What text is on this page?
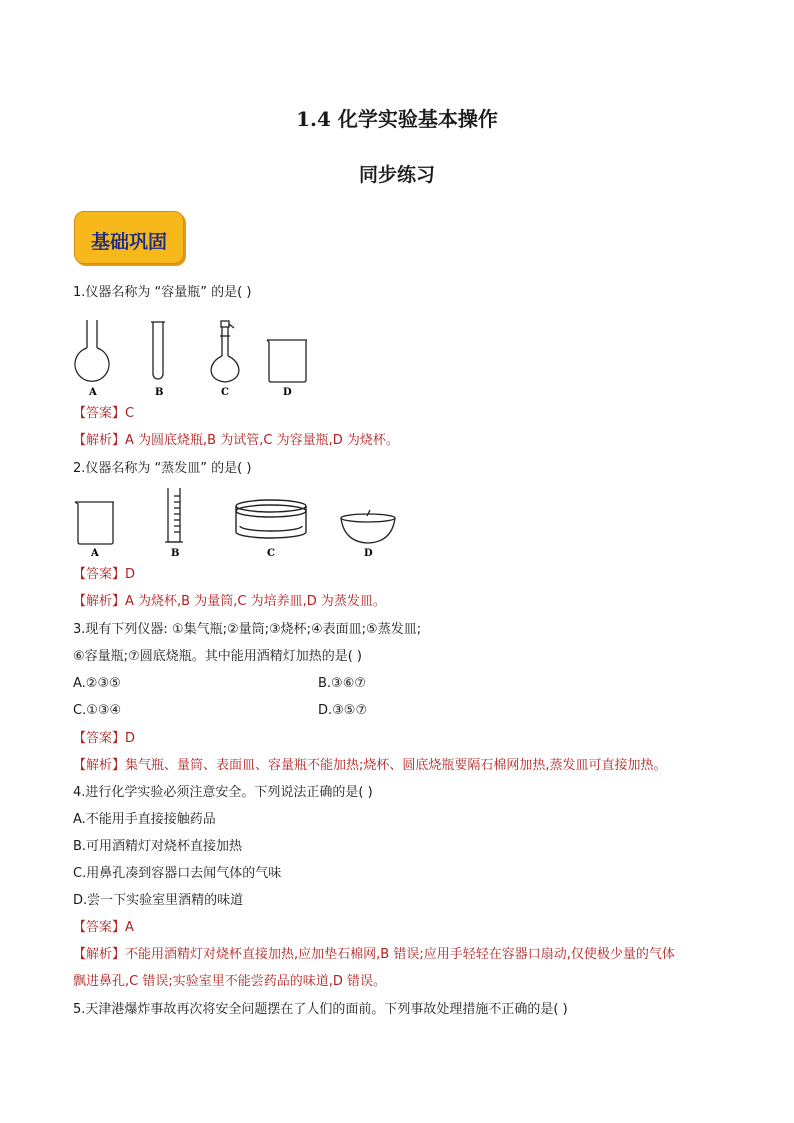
1.4 化学实验基本操作
同步练习
基础巩固
1.仪器名称为 “容量瓶” 的是( )
A	B	C	D
【答案】C
【解析】A 为圆底烧瓶,B 为试管,C 为容量瓶,D 为烧杯。
2.仪器名称为 “蒸发皿” 的是( )
A	B	C	D
【答案】D
【解析】A 为烧杯,B 为量筒,C 为培养皿,D 为蒸发皿。
3.现有下列仪器: ①集气瓶;②量筒;③烧杯;④表面皿;⑤蒸发皿;
⑥容量瓶;⑦圆底烧瓶。其中能用酒精灯加热的是( )
A.②③⑤	B.③⑥⑦
C.①③④	D.③⑤⑦
【答案】D
【解析】集气瓶、量筒、表面皿、容量瓶不能加热;烧杯、圆底烧瓶要隔石棉网加热,蒸发皿可直接加热。
4.进行化学实验必须注意安全。下列说法正确的是( )
A.不能用手直接接触药品
B.可用酒精灯对烧杯直接加热
C.用鼻孔凑到容器口去闻气体的气味
D.尝一下实验室里酒精的味道
【答案】A
【解析】不能用酒精灯对烧杯直接加热,应加垫石棉网,B 错误;应用手轻轻在容器口扇动,仅使极少量的气体
飘进鼻孔,C 错误;实验室里不能尝药品的味道,D 错误。
5.天津港爆炸事故再次将安全问题摆在了人们的面前。下列事故处理措施不正确的是( )
